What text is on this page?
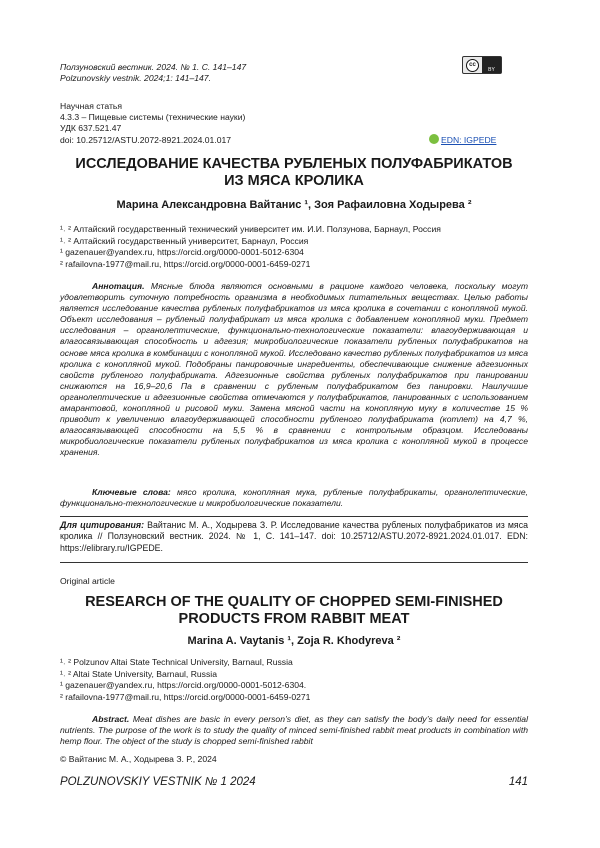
Ползуновский вестник. 2024. № 1. С. 141–147
Polzunovskiy vestnik. 2024;1: 141–147.
cc
BY
Научная статья
4.3.3 – Пищевые системы (технические науки)
УДК 637.521.47
doi: 10.25712/ASTU.2072-8921.2024.01.017	EDN: IGPEDE
ИССЛЕДОВАНИЕ КАЧЕСТВА РУБЛЕНЫХ ПОЛУФАБРИКАТОВ
ИЗ МЯСА КРОЛИКА
Марина Александровна Вайтанис ¹, Зоя Рафаиловна Ходырева ²
¹˒ ² Алтайский государственный технический университет им. И.И. Ползунова, Барнаул, Россия
¹˒ ² Алтайский государственный университет, Барнаул, Россия
¹ gazenauer@yandex.ru, https://orcid.org/0000-0001-5012-6304
² rafailovna-1977@mail.ru, https://orcid.org/0000-0001-6459-0271
Аннотация. Мясные блюда являются основными в рационе каждого человека, поскольку могут удовлетворить суточную потребность организма в необходимых питательных веществах. Целью работы является исследование качества рубленых полуфабрикатов из мяса кролика в сочетании с конопляной мукой. Объект исследования – рубленый полуфабрикат из мяса кролика с добавлением конопляной муки. Предмет исследования – органолептические, функционально-технологические показатели: влагоудерживающая и влагосвязывающая способность и адгезия; микробиологические показатели рубленых полуфабрикатов на основе мяса кролика в комбинации с конопляной мукой. Исследовано качество рубленых полуфабрикатов из мяса кролика с конопляной мукой. Подобраны панировочные ингредиенты, обеспечивающие снижение адгезионных свойств рубленого полуфабриката. Адгезионные свойства рубленых полуфабрикатов при панировании снижаются на 16,9–20,6 Па в сравнении с рубленым полуфабрикатом без панировки. Наилучшие органолептические и адгезионные свойства отмечаются у полуфабрикатов, панированных с использованием амарантовой, конопляной и рисовой муки. Замена мясной части на конопляную муку в количестве 15 % приводит к увеличению влагоудерживающей способности рубленого полуфабриката (котлет) на 4,7 %, влагосвязывающей способности на 5,5 % в сравнении с контрольным образцом. Исследованы микробиологические показатели рубленых полуфабрикатов из мяса кролика с конопляной мукой в процессе хранения.
Ключевые слова: мясо кролика, конопляная мука, рубленые полуфабрикаты, органолептические, функционально-технологические и микробиологические показатели.
Для цитирования: Вайтанис М. А., Ходырева З. Р. Исследование качества рубленых полуфабрикатов из мяса кролика // Ползуновский вестник. 2024. № 1, С. 141–147. doi: 10.25712/ASTU.2072-8921.2024.01.017. EDN: https://elibrary.ru/IGPEDE.
Original article
RESEARCH OF THE QUALITY OF CHOPPED SEMI-FINISHED
PRODUCTS FROM RABBIT MEAT
Marina A. Vaytanis ¹, Zoja R. Khodyreva ²
¹˒ ² Polzunov Altai State Technical University, Barnaul, Russia
¹˒ ² Altai State University, Barnaul, Russia
¹ gazenauer@yandex.ru, https://orcid.org/0000-0001-5012-6304.
² rafailovna-1977@mail.ru, https://orcid.org/0000-0001-6459-0271
Abstract. Meat dishes are basic in every person’s diet, as they can satisfy the body’s daily need for essential nutrients. The purpose of the work is to study the quality of minced semi-finished rabbit meat products in combination with hemp flour. The object of the study is chopped semi-finished rabbit
© Вайтанис М. А., Ходырева З. Р., 2024
POLZUNOVSKIY VESTNIK № 1 2024	141
